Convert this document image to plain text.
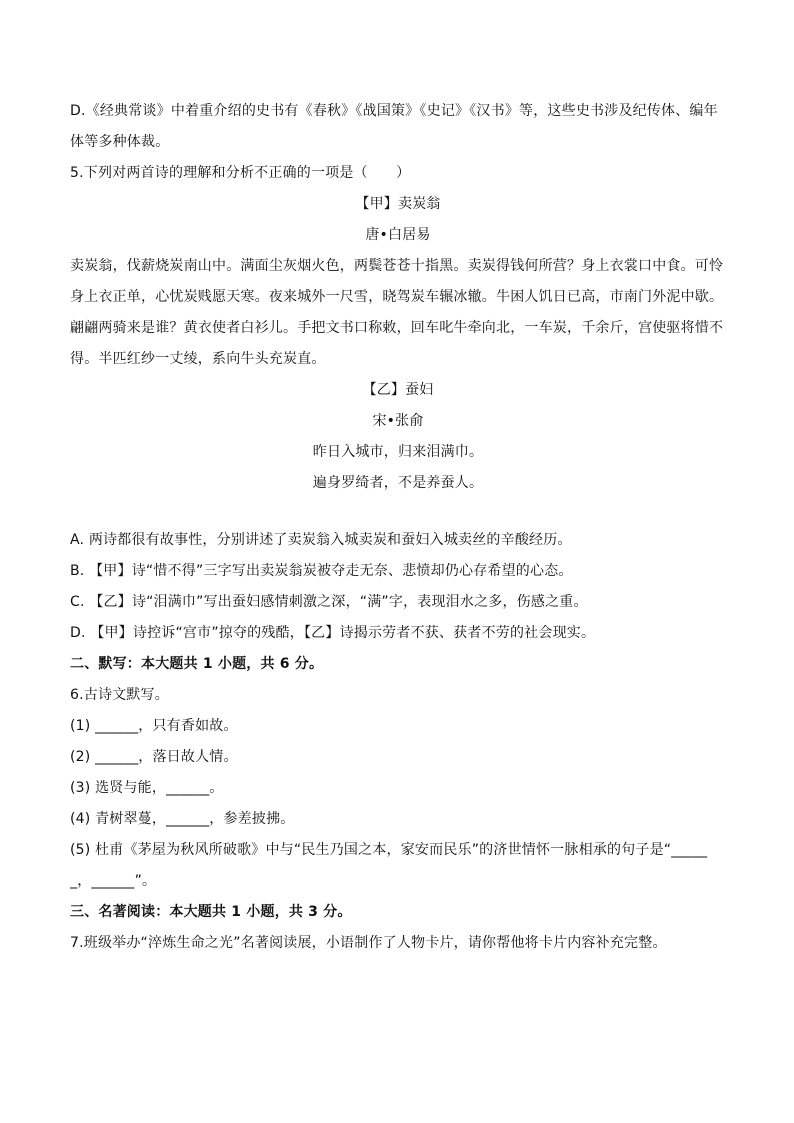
D.《经典常谈》中着重介绍的史书有《春秋》《战国策》《史记》《汉书》等，这些史书涉及纪传体、编年体等多种体裁。

5.下列对两首诗的理解和分析不正确的一项是（　　）

【甲】卖炭翁

唐•白居易

卖炭翁，伐薪烧炭南山中。满面尘灰烟火色，两鬓苍苍十指黑。卖炭得钱何所营？身上衣裳口中食。可怜身上衣正单，心忧炭贱愿天寒。夜来城外一尺雪，晓驾炭车辗冰辙。牛困人饥日已高，市南门外泥中歇。翩翩两骑来是谁？黄衣使者白衫儿。手把文书口称敕，回车叱牛牵向北，一车炭，千余斤，宫使驱将惜不得。半匹红纱一丈绫，系向牛头充炭直。

【乙】蚕妇

宋•张俞

昨日入城市，归来泪满巾。

遍身罗绮者，不是养蚕人。

A. 两诗都很有故事性，分别讲述了卖炭翁入城卖炭和蚕妇入城卖丝的辛酸经历。

B. 【甲】诗“惜不得”三字写出卖炭翁炭被夺走无奈、悲愤却仍心存希望的心态。

C. 【乙】诗“泪满巾”写出蚕妇感情刺激之深，“满”字，表现泪水之多，伤感之重。

D. 【甲】诗控诉“宫市”掠夺的残酷，【乙】诗揭示劳者不获、获者不劳的社会现实。

二、默写：本大题共 1 小题，共 6 分。

6.古诗文默写。

(1) ______，只有香如故。

(2) ______，落日故人情。

(3) 选贤与能，______。

(4) 青树翠蔓，______，参差披拂。

(5) 杜甫《茅屋为秋风所破歌》中与“民生乃国之本，家安而民乐”的济世情怀一脉相承的句子是“______，______”。

三、名著阅读：本大题共 1 小题，共 3 分。

7.班级举办“淬炼生命之光”名著阅读展，小语制作了人物卡片，请你帮他将卡片内容补充完整。
